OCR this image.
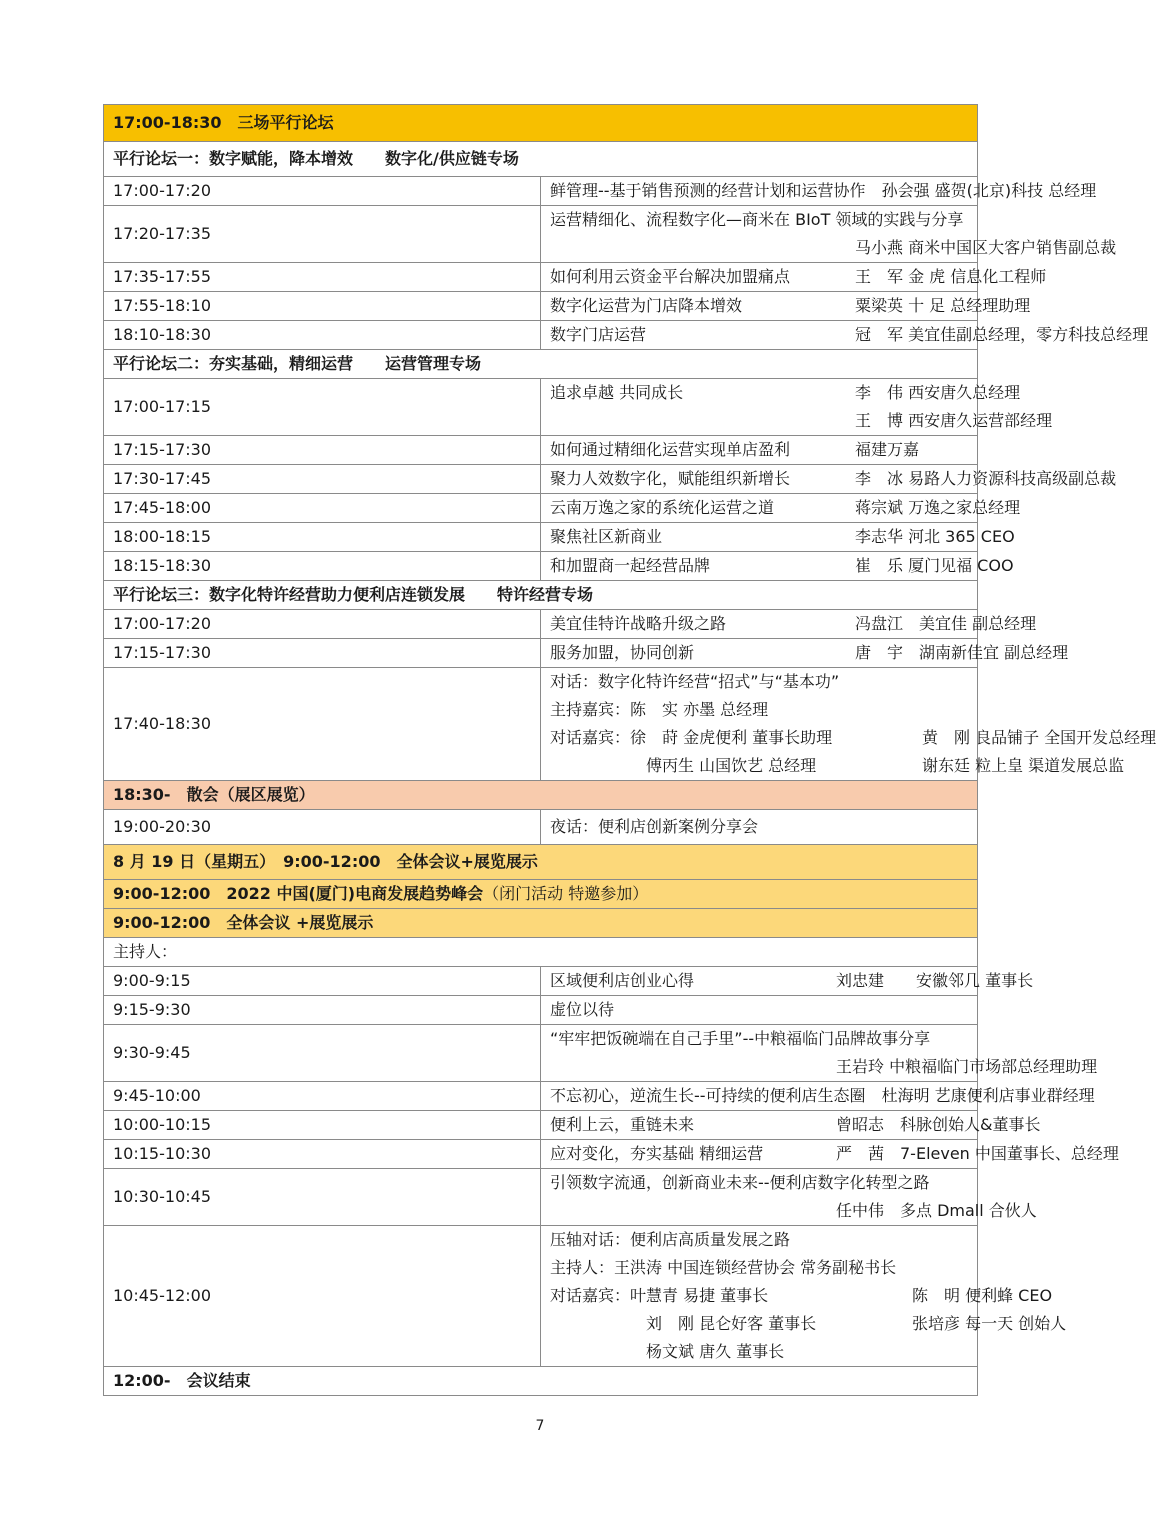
17:00-18:30　三场平行论坛	
平行论坛一：数字赋能，降本增效　　数字化/供应链专场	
17:00-17:20	鲜管理--基于销售预测的经营计划和运营协作　 孙会强 盛贺(北京)科技 总经理
17:20-17:35	运营精细化、流程数字化—商米在 BIoT 领域的实践与分享
马小燕 商米中国区大客户销售副总裁

17:35-17:55	如何利用云资金平台解决加盟痛点 王　军 金 虎 信息化工程师
17:55-18:10	数字化运营为门店降本增效 粟梁英 十 足 总经理助理
18:10-18:30	数字门店运营 冠　军 美宜佳副总经理，零方科技总经理
平行论坛二：夯实基础，精细运营　　运营管理专场	
17:00-17:15	追求卓越 共同成长 李　伟 西安唐久总经理
王　博 西安唐久运营部经理

17:15-17:30	如何通过精细化运营实现单店盈利 福建万嘉
17:30-17:45	聚力人效数字化，赋能组织新增长 李　冰 易路人力资源科技高级副总裁
17:45-18:00	云南万逸之家的系统化运营之道 蒋宗斌 万逸之家总经理
18:00-18:15	聚焦社区新商业 李志华 河北 365 CEO
18:15-18:30	和加盟商一起经营品牌 崔　乐 厦门见福 COO
平行论坛三：数字化特许经营助力便利店连锁发展　　特许经营专场	
17:00-17:20	美宜佳特许战略升级之路 冯盘江　美宜佳 副总经理
17:15-17:30	服务加盟，协同创新 唐　宇　湖南新佳宜 副总经理
17:40-18:30	对话：数字化特许经营“招式”与“基本功”
主持嘉宾：陈　实 亦墨 总经理
对话嘉宾：徐　莳 金虎便利 董事长助理 黄　刚 良品铺子 全国开发总经理
傅丙生 山国饮艺 总经理 谢东廷 粒上皇 渠道发展总监

18:30-　散会（展区展览）	
19:00-20:30	夜话：便利店创新案例分享会
8 月 19 日（星期五）　9:00-12:00　全体会议+展览展示	
9:00-12:00　 2022 中国(厦门)电商发展趋势峰会（闭门活动 特邀参加）	
9:00-12:00　全体会议 +展览展示	
主持人：	
9:00-9:15	区域便利店创业心得 刘忠建　　安徽邻几 董事长
9:15-9:30	虚位以待
9:30-9:45	“牢牢把饭碗端在自己手里”--中粮福临门品牌故事分享
王岩玲 中粮福临门市场部总经理助理

9:45-10:00	不忘初心，逆流生长--可持续的便利店生态圈　 杜海明 艺康便利店事业群经理
10:00-10:15	便利上云，重链未来 曾昭志　科脉创始人&董事长
10:15-10:30	应对变化，夯实基础 精细运营 严　茜　7-Eleven 中国董事长、总经理
10:30-10:45	引领数字流通，创新商业未来--便利店数字化转型之路
任中伟　多点 Dmall 合伙人

10:45-12:00	压轴对话：便利店高质量发展之路
主持人：王洪涛 中国连锁经营协会 常务副秘书长
对话嘉宾：叶慧青 易捷 董事长 陈　明 便利蜂 CEO
刘　刚 昆仑好客 董事长 张培彦 每一天 创始人
杨文斌 唐久 董事长

12:00-　会议结束	
7
